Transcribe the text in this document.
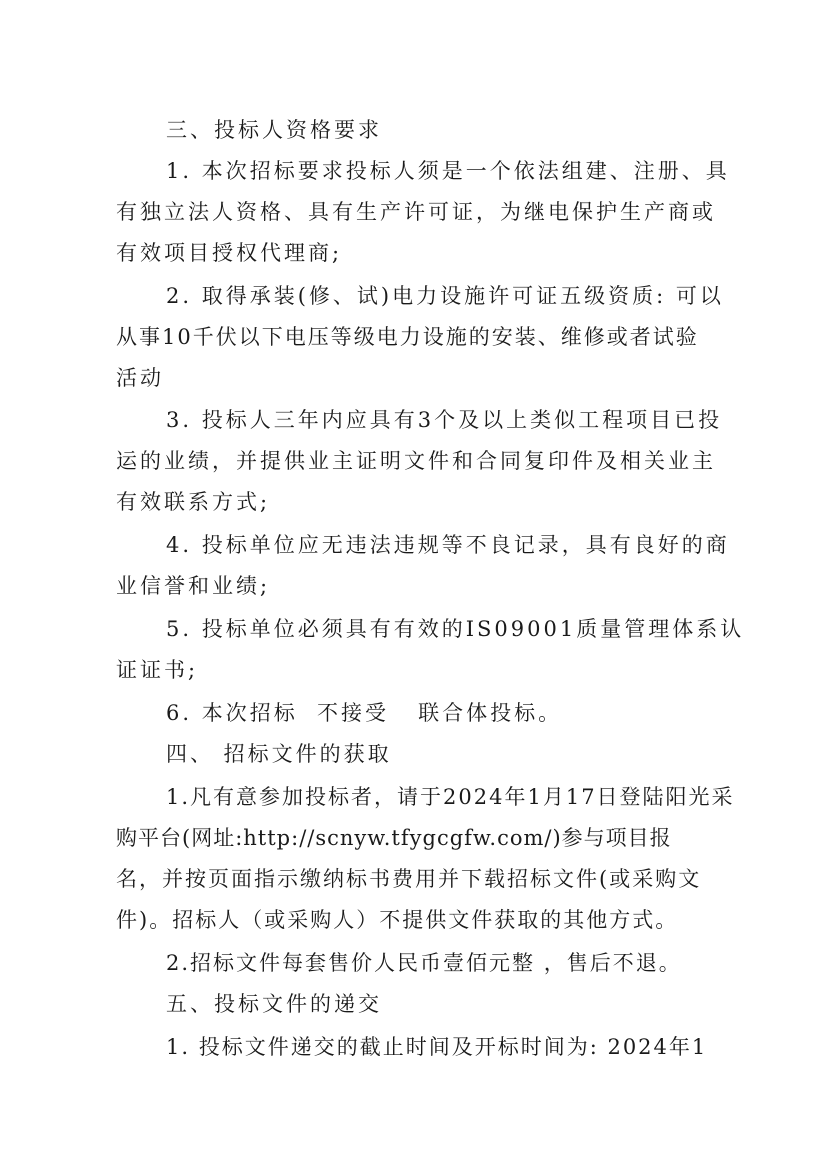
三、投标人资格要求
1. 本次招标要求投标人须是一个依法组建、注册、具
有独立法人资格、具有生产许可证，为继电保护生产商或
有效项目授权代理商;
2. 取得承装(修、试)电力设施许可证五级资质: 可以
从事10千伏以下电压等级电力设施的安装、维修或者试验
活动
3. 投标人三年内应具有3个及以上类似工程项目已投
运的业绩，并提供业主证明文件和合同复印件及相关业主
有效联系方式;
4. 投标单位应无违法违规等不良记录，具有良好的商
业信誉和业绩;
5. 投标单位必须具有有效的IS09001质量管理体系认
证证书;
6. 本次招标  不接受   联合体投标。
四、 招标文件的获取
1.凡有意参加投标者，请于2024年1月17日登陆阳光采
购平台(网址:http://scnyw.tfygcgfw.com/)参与项目报
名，并按页面指示缴纳标书费用并下载招标文件(或采购文
件)。招标人（或采购人）不提供文件获取的其他方式。
2.招标文件每套售价人民币壹佰元整 ，售后不退。
五、投标文件的递交
1. 投标文件递交的截止时间及开标时间为: 2024年1
